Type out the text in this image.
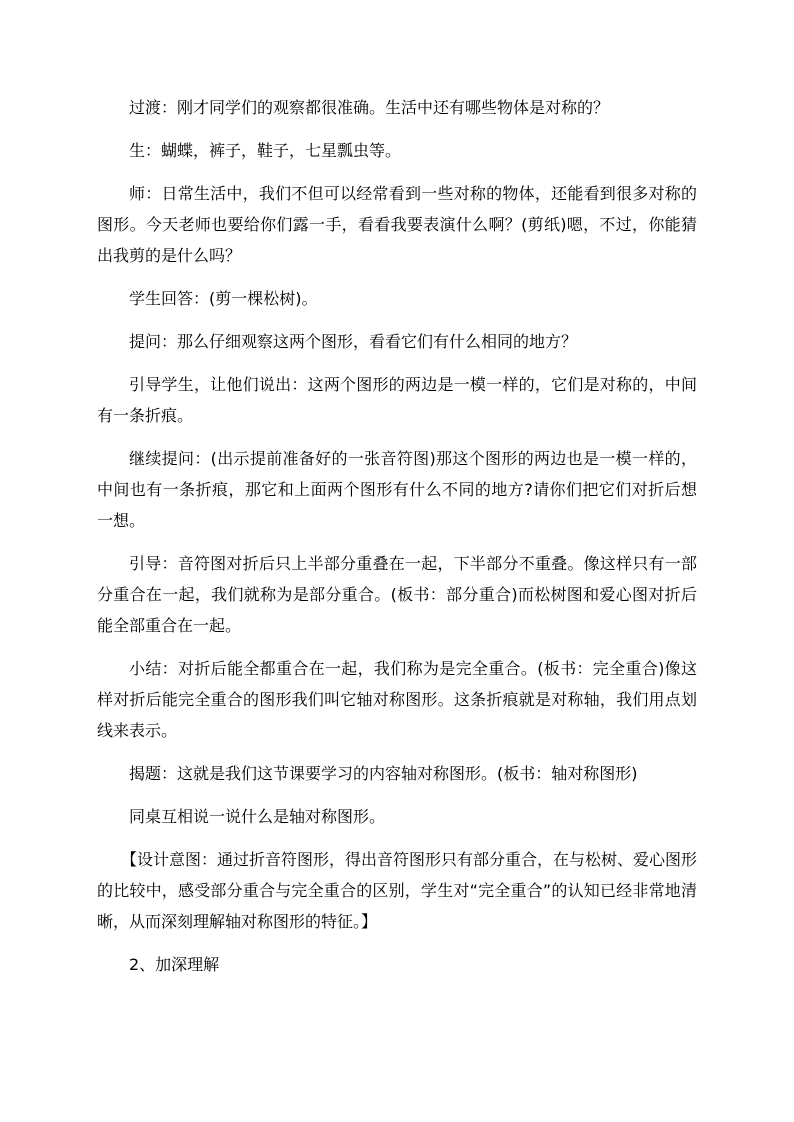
过渡：刚才同学们的观察都很准确。生活中还有哪些物体是对称的？

生：蝴蝶，裤子，鞋子，七星瓢虫等。

师：日常生活中，我们不但可以经常看到一些对称的物体，还能看到很多对称的图形。今天老师也要给你们露一手，看看我要表演什么啊？(剪纸)嗯，不过，你能猜出我剪的是什么吗？

学生回答：(剪一棵松树)。

提问：那么仔细观察这两个图形，看看它们有什么相同的地方？

引导学生，让他们说出：这两个图形的两边是一模一样的，它们是对称的，中间有一条折痕。

继续提问：(出示提前准备好的一张音符图)那这个图形的两边也是一模一样的，中间也有一条折痕，那它和上面两个图形有什么不同的地方?请你们把它们对折后想一想。

引导：音符图对折后只上半部分重叠在一起，下半部分不重叠。像这样只有一部分重合在一起，我们就称为是部分重合。(板书：部分重合)而松树图和爱心图对折后能全部重合在一起。

小结：对折后能全都重合在一起，我们称为是完全重合。(板书：完全重合)像这样对折后能完全重合的图形我们叫它轴对称图形。这条折痕就是对称轴，我们用点划线来表示。

揭题：这就是我们这节课要学习的内容轴对称图形。(板书：轴对称图形)

同桌互相说一说什么是轴对称图形。

【设计意图：通过折音符图形，得出音符图形只有部分重合，在与松树、爱心图形的比较中，感受部分重合与完全重合的区别，学生对“完全重合”的认知已经非常地清晰，从而深刻理解轴对称图形的特征。】

2、加深理解
